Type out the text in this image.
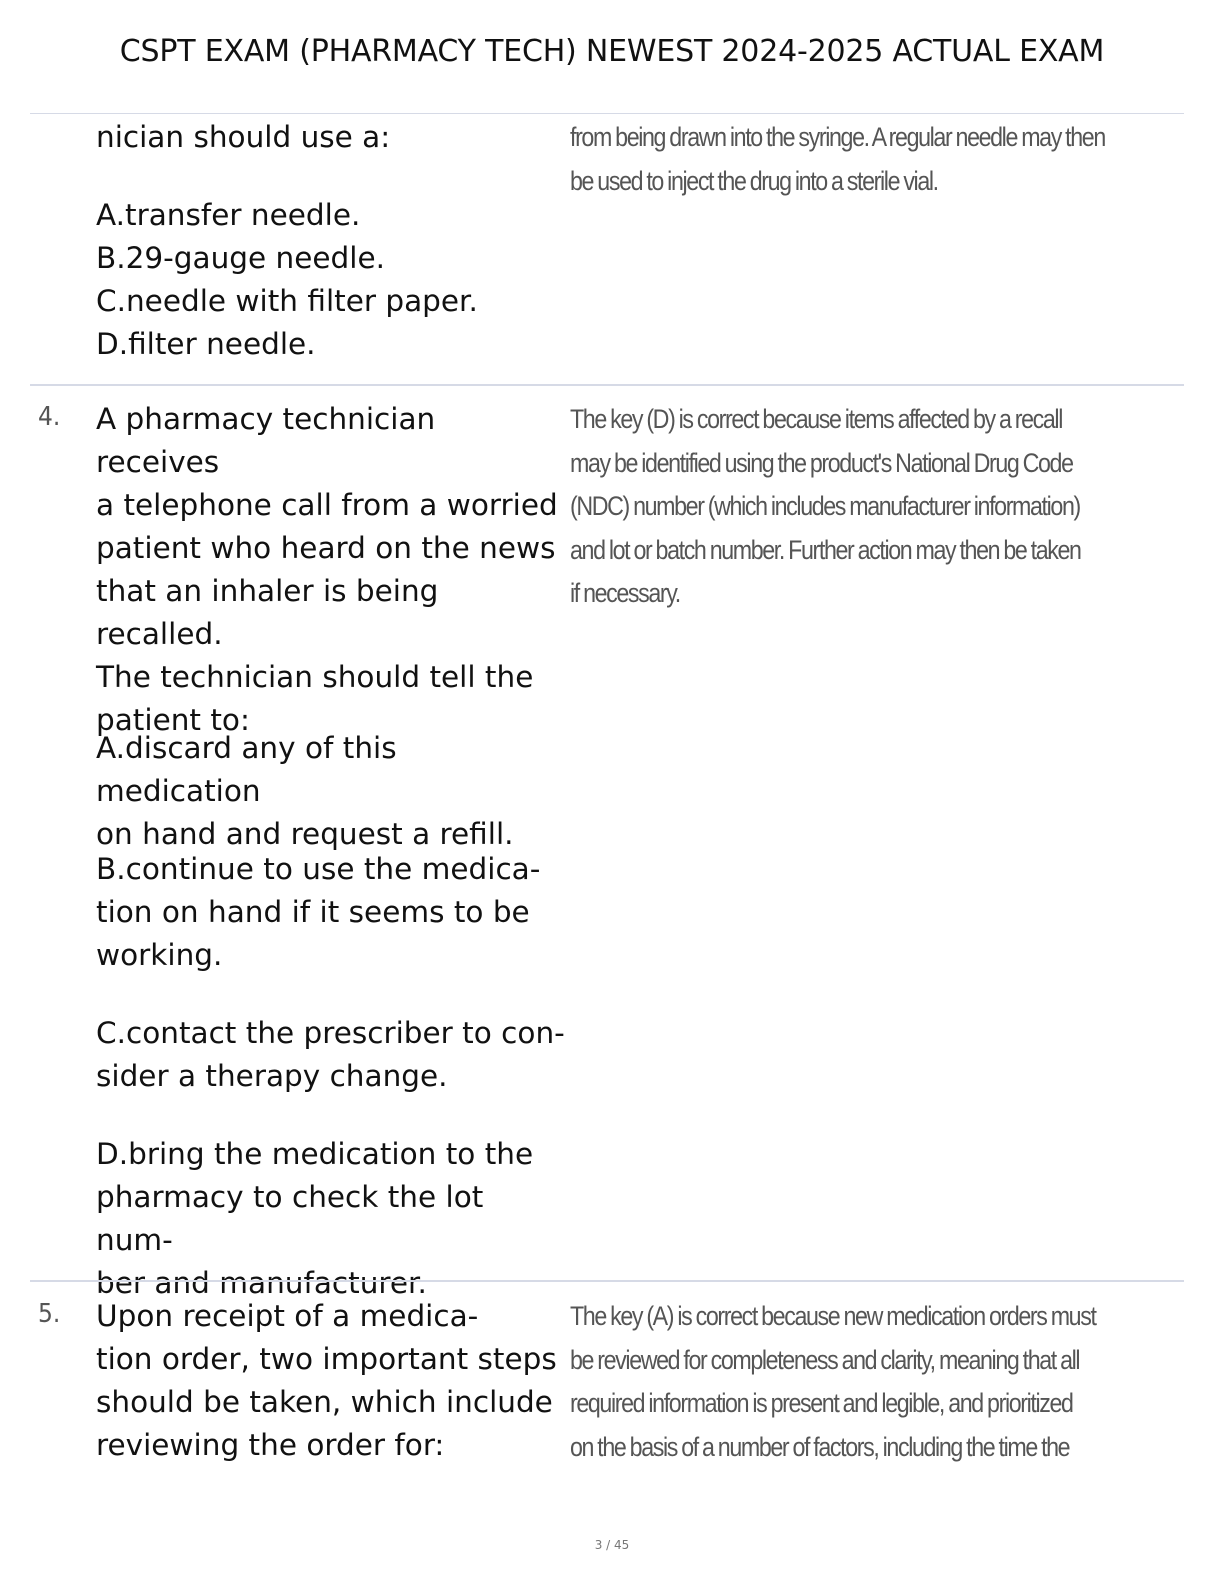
CSPT EXAM (PHARMACY TECH) NEWEST 2024-2025 ACTUAL EXAM
nician should use a:
A.transfer needle.
B.29-gauge needle.
C.needle with filter paper.
D.filter needle.
from being drawn into the syringe. A regular needle may then
be used to inject the drug into a sterile vial.
4. A pharmacy technician receives
a telephone call from a worried
patient who heard on the news
that an inhaler is being recalled.
The technician should tell the
patient to:
A.discard any of this medication
on hand and request a refill.
B.continue to use the medica-
tion on hand if it seems to be
working.
C.contact the prescriber to con-
sider a therapy change.
D.bring the medication to the
pharmacy to check the lot num-
ber and manufacturer.
The key (D) is correct because items affected by a recall
may be identified using the product's National Drug Code
(NDC) number (which includes manufacturer information)
and lot or batch number. Further action may then be taken
if necessary.
5. Upon receipt of a medica-
tion order, two important steps
should be taken, which include
reviewing the order for:
The key (A) is correct because new medication orders must
be reviewed for completeness and clarity, meaning that all
required information is present and legible, and prioritized
on the basis of a number of factors, including the time the
3 / 45
